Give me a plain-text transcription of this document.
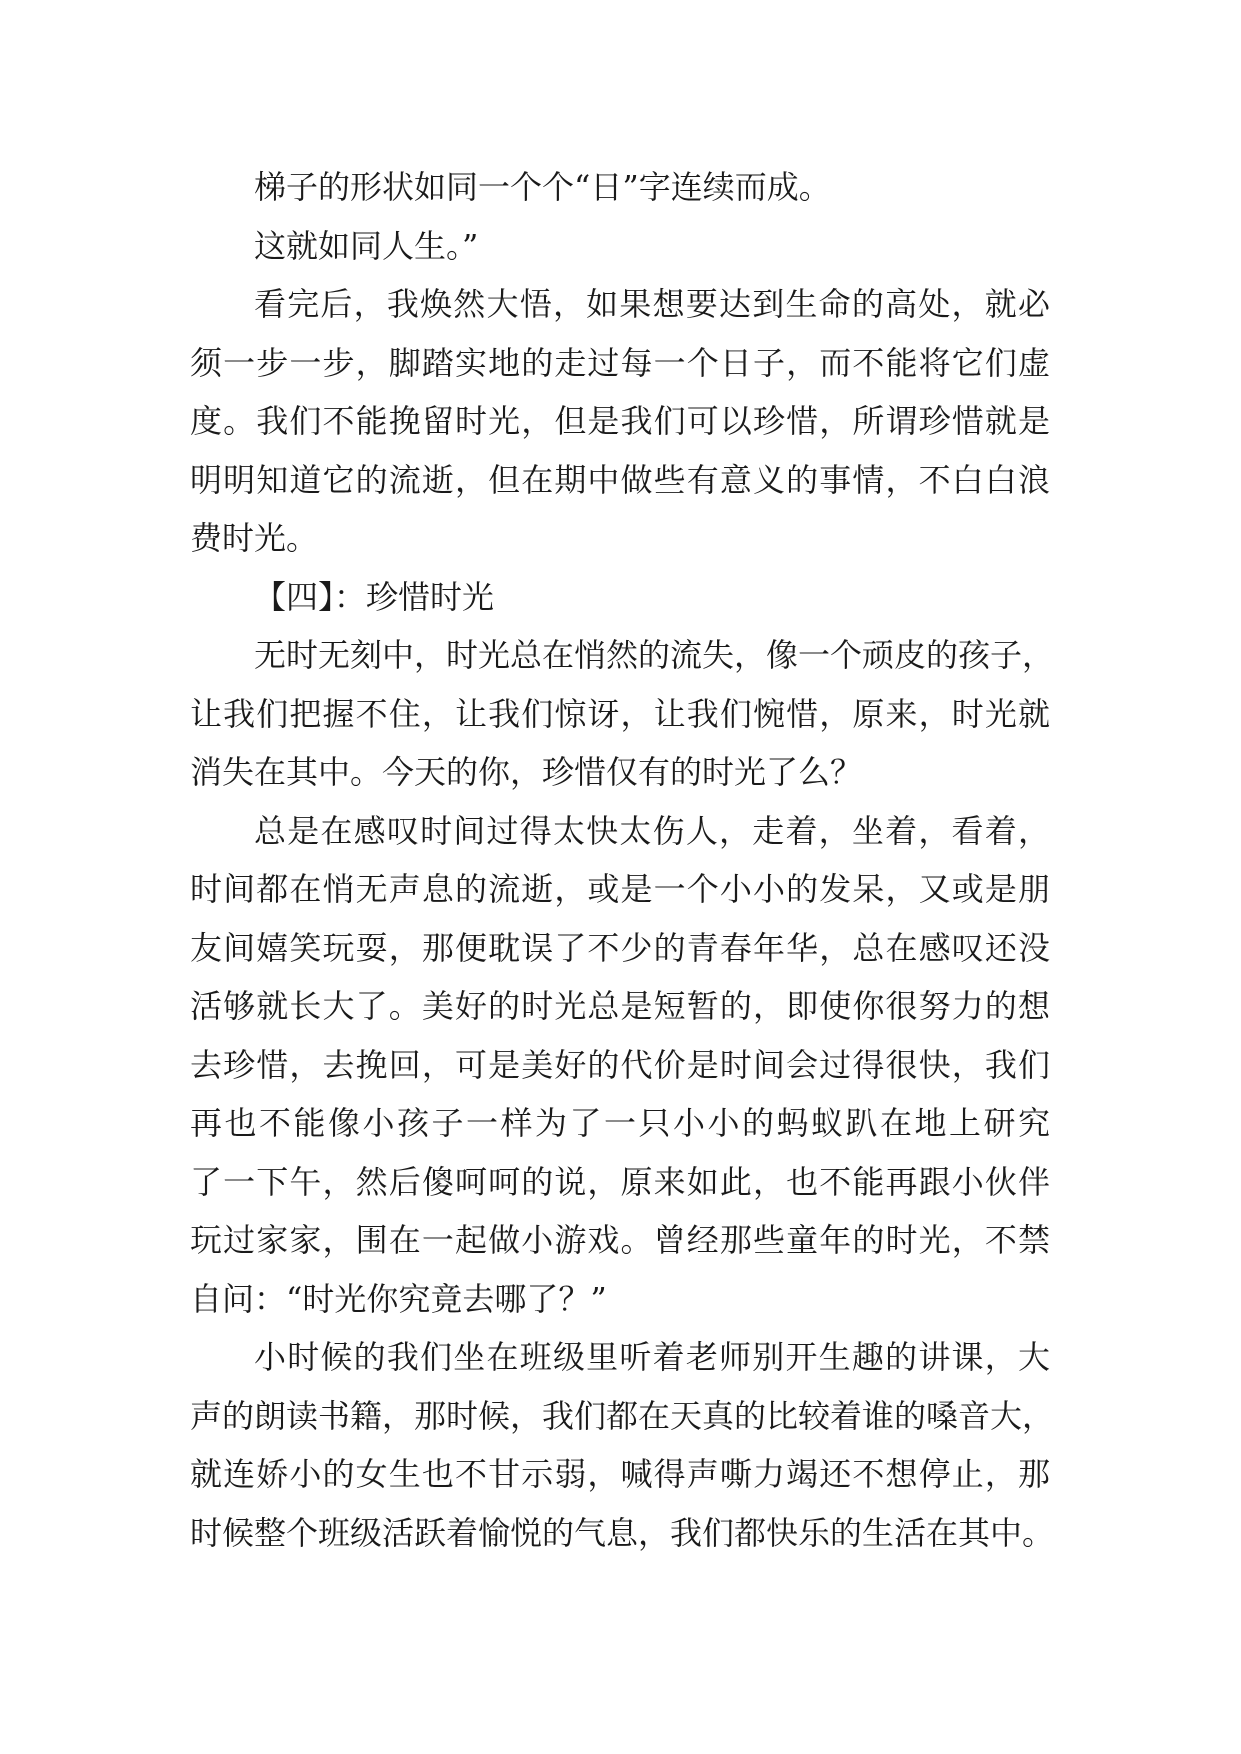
梯子的形状如同一个个“日”字连续而成。
这就如同人生。”
看完后，我焕然大悟，如果想要达到生命的高处，就必
须一步一步，脚踏实地的走过每一个日子，而不能将它们虚
度。我们不能挽留时光，但是我们可以珍惜，所谓珍惜就是
明明知道它的流逝，但在期中做些有意义的事情，不白白浪
费时光。
【四】：珍惜时光
无时无刻中，时光总在悄然的流失，像一个顽皮的孩子，
让我们把握不住，让我们惊讶，让我们惋惜，原来，时光就
消失在其中。今天的你，珍惜仅有的时光了么？
总是在感叹时间过得太快太伤人，走着，坐着，看着，
时间都在悄无声息的流逝，或是一个小小的发呆，又或是朋
友间嬉笑玩耍，那便耽误了不少的青春年华，总在感叹还没
活够就长大了。美好的时光总是短暂的，即使你很努力的想
去珍惜，去挽回，可是美好的代价是时间会过得很快，我们
再也不能像小孩子一样为了一只小小的蚂蚁趴在地上研究
了一下午，然后傻呵呵的说，原来如此，也不能再跟小伙伴
玩过家家，围在一起做小游戏。曾经那些童年的时光，不禁
自问：“时光你究竟去哪了？”
小时候的我们坐在班级里听着老师别开生趣的讲课，大
声的朗读书籍，那时候，我们都在天真的比较着谁的嗓音大，
就连娇小的女生也不甘示弱，喊得声嘶力竭还不想停止，那
时候整个班级活跃着愉悦的气息，我们都快乐的生活在其中。
